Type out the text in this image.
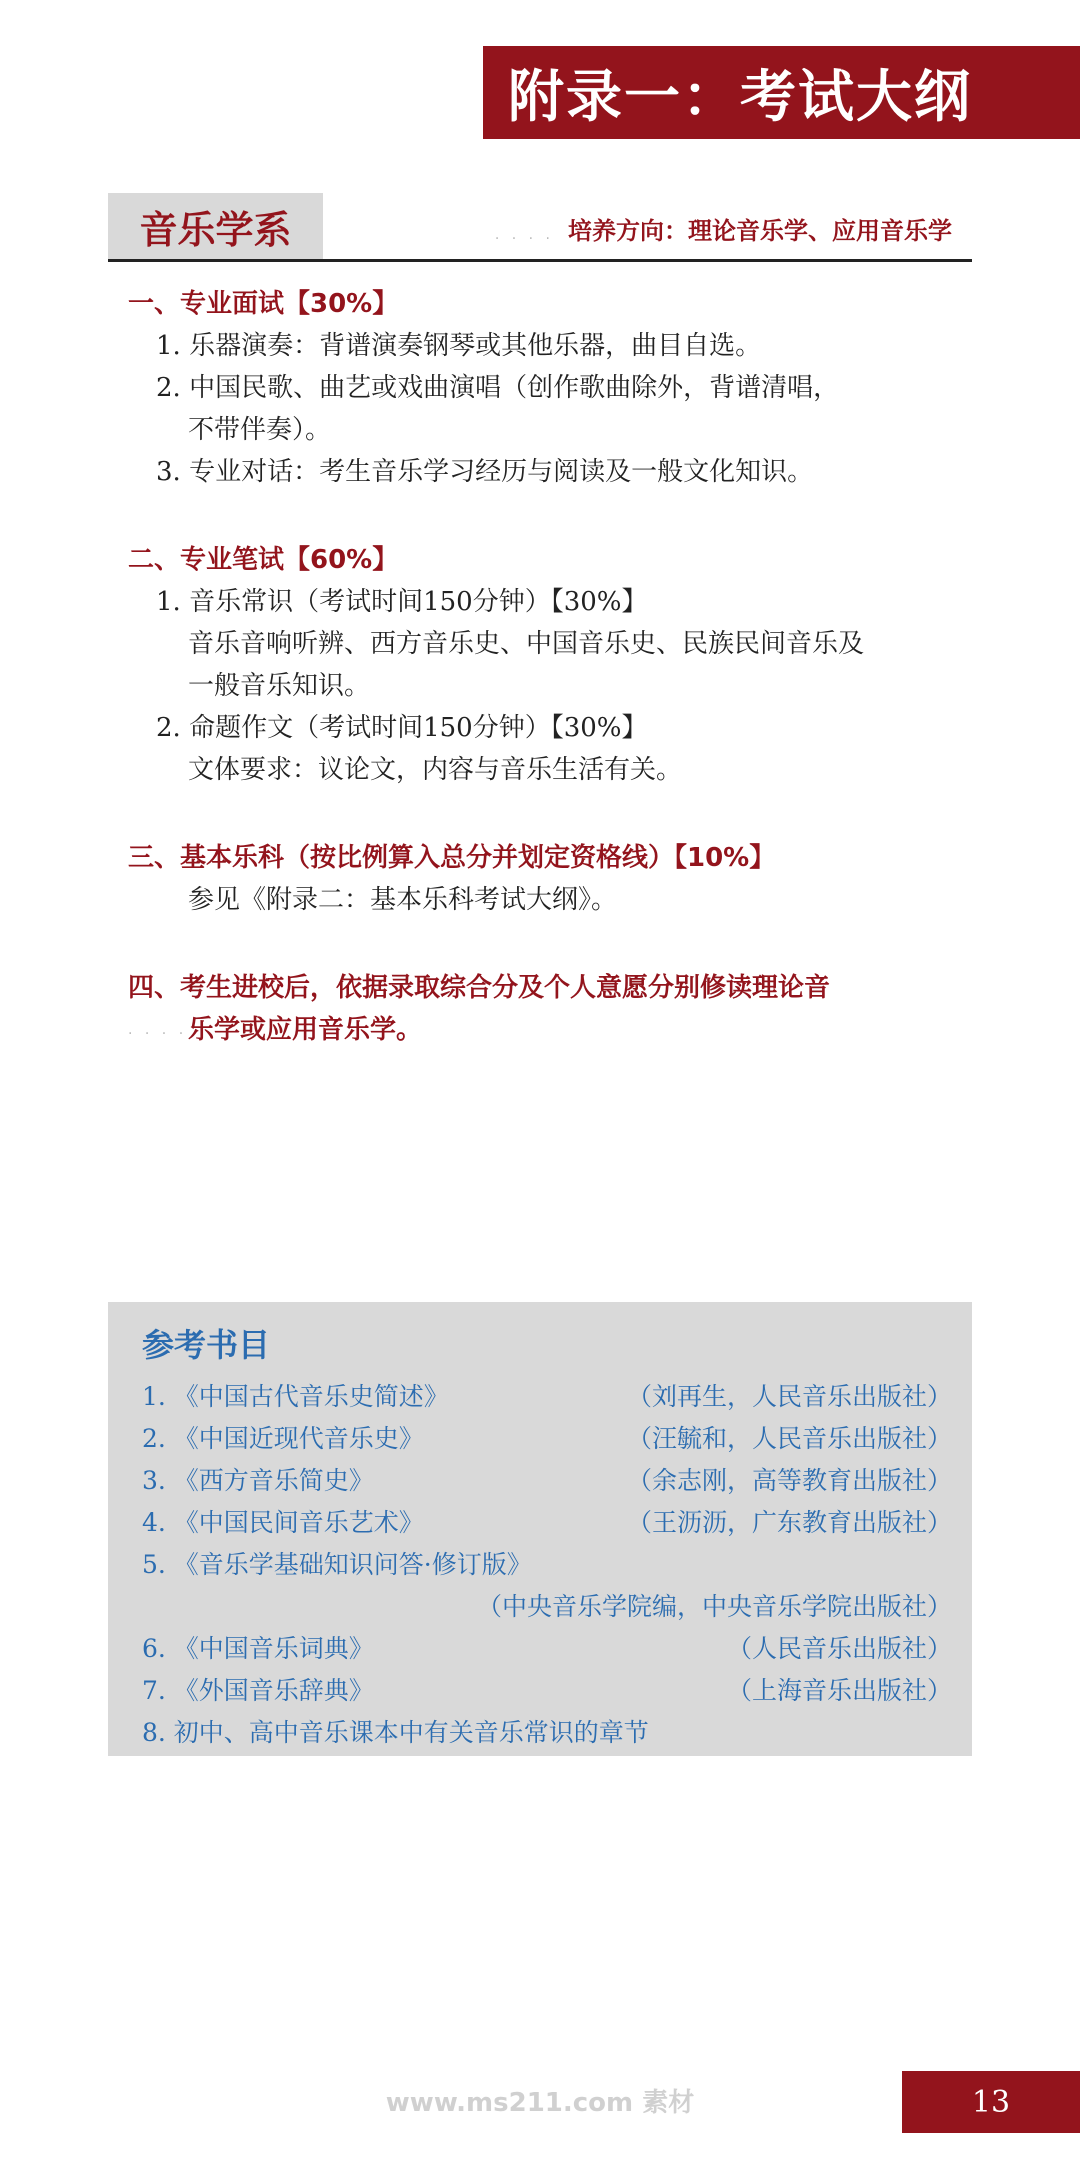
附录一：考试大纲
音乐学系	. . . . 培养方向：理论音乐学、应用音乐学
一、专业面试【30%】
1. 乐器演奏：背谱演奏钢琴或其他乐器，曲目自选。
2. 中国民歌、曲艺或戏曲演唱（创作歌曲除外，背谱清唱，
不带伴奏）。
3. 专业对话：考生音乐学习经历与阅读及一般文化知识。
二、专业笔试【60%】
1. 音乐常识（考试时间150分钟）【30%】
音乐音响听辨、西方音乐史、中国音乐史、民族民间音乐及
一般音乐知识。
2. 命题作文（考试时间150分钟）【30%】
文体要求：议论文，内容与音乐生活有关。
三、基本乐科（按比例算入总分并划定资格线）【10%】
参见《附录二：基本乐科考试大纲》。
四、考生进校后，依据录取综合分及个人意愿分别修读理论音
. . . . 乐学或应用音乐学。
参考书目
1. 《中国古代音乐史简述》	（刘再生，人民音乐出版社）
2. 《中国近现代音乐史》	（汪毓和，人民音乐出版社）
3. 《西方音乐简史》	（余志刚，高等教育出版社）
4. 《中国民间音乐艺术》	（王沥沥，广东教育出版社）
5. 《音乐学基础知识问答·修订版》
（中央音乐学院编，中央音乐学院出版社）
6. 《中国音乐词典》	（人民音乐出版社）
7. 《外国音乐辞典》	（上海音乐出版社）
8. 初中、高中音乐课本中有关音乐常识的章节
www.ms211.com 素材	13
